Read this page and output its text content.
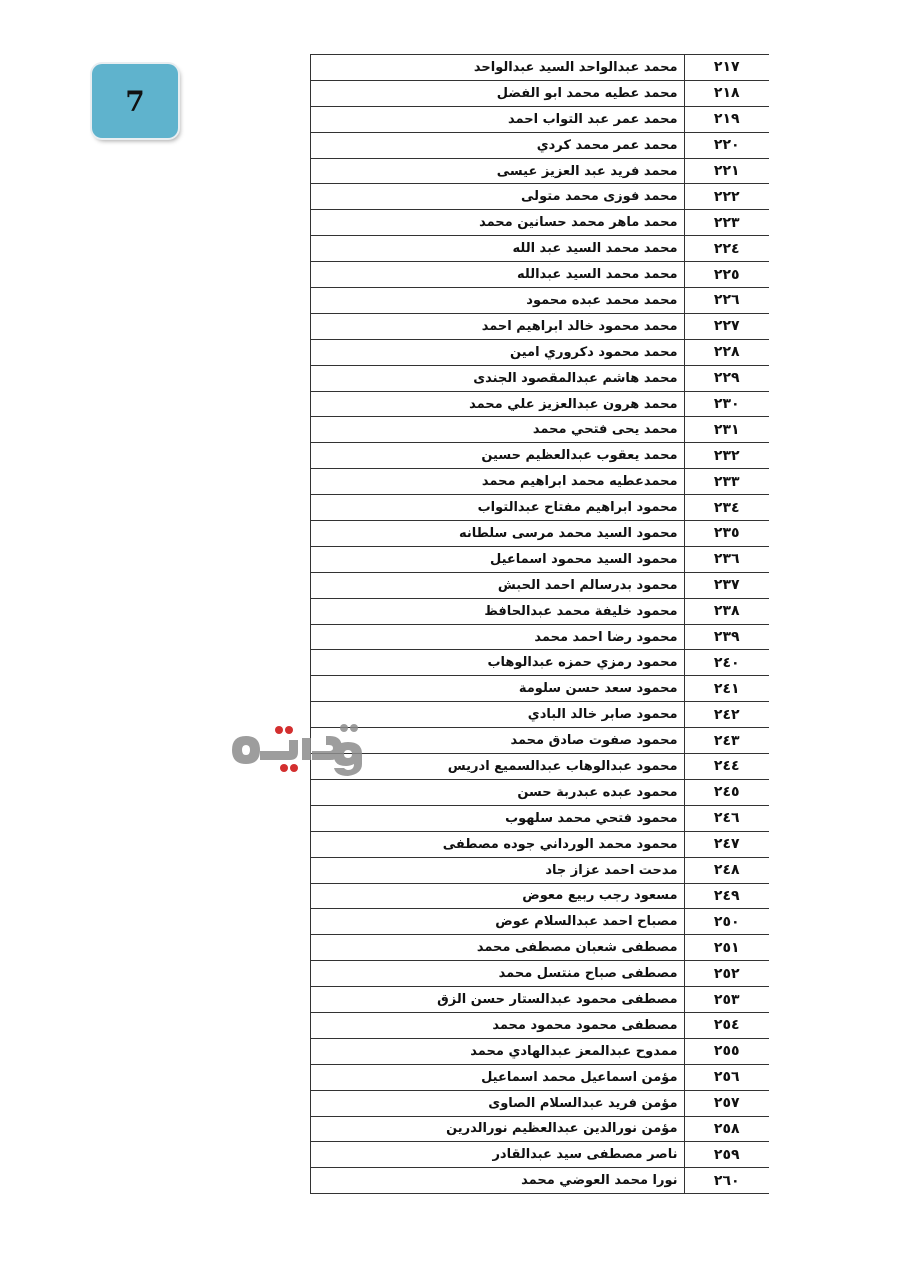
7
٢١٧	محمد عبدالواحد السيد عبدالواحد
٢١٨	محمد عطيه محمد ابو الفضل
٢١٩	محمد عمر عبد التواب احمد
٢٢٠	محمد عمر محمد كردي
٢٢١	محمد فريد عبد العزيز عيسى
٢٢٢	محمد فوزى محمد متولى
٢٢٣	محمد ماهر محمد حسانين محمد
٢٢٤	محمد محمد السيد عبد الله
٢٢٥	محمد محمد السيد عبدالله
٢٢٦	محمد محمد عبده محمود
٢٢٧	محمد محمود خالد ابراهيم احمد
٢٢٨	محمد محمود دكروري امين
٢٢٩	محمد هاشم عبدالمقصود الجندى
٢٣٠	محمد هرون عبدالعزيز علي محمد
٢٣١	محمد يحى فتحي محمد
٢٣٢	محمد يعقوب عبدالعظيم حسين
٢٣٣	محمدعطيه محمد ابراهيم محمد
٢٣٤	محمود ابراهيم مفتاح عبدالتواب
٢٣٥	محمود السيد محمد مرسى سلطانه
٢٣٦	محمود السيد محمود اسماعيل
٢٣٧	محمود بدرسالم احمد الحبش
٢٣٨	محمود خليفة محمد عبدالحافظ
٢٣٩	محمود رضا احمد محمد
٢٤٠	محمود رمزي حمزه عبدالوهاب
٢٤١	محمود سعد حسن سلومة
٢٤٢	محمود صابر خالد البادي
٢٤٣	محمود صفوت صادق محمد
٢٤٤	محمود عبدالوهاب عبدالسميع ادريس
٢٤٥	محمود عبده عبدربة حسن
٢٤٦	محمود فتحي محمد سلهوب
٢٤٧	محمود محمد الورداني جوده مصطفى
٢٤٨	مدحت احمد عزاز جاد
٢٤٩	مسعود رجب ربيع معوض
٢٥٠	مصباح احمد عبدالسلام عوض
٢٥١	مصطفى شعبان مصطفى محمد
٢٥٢	مصطفى صباح منتسل محمد
٢٥٣	مصطفى محمود عبدالستار حسن الزق
٢٥٤	مصطفى محمود محمود محمد
٢٥٥	ممدوح عبدالمعز عبدالهادي محمد
٢٥٦	مؤمن اسماعيل محمد اسماعيل
٢٥٧	مؤمن فريد عبدالسلام الصاوى
٢٥٨	مؤمن نورالدين عبدالعظيم نورالدرين
٢٥٩	ناصر مصطفى سيد عبدالقادر
٢٦٠	نورا محمد العوضي محمد
